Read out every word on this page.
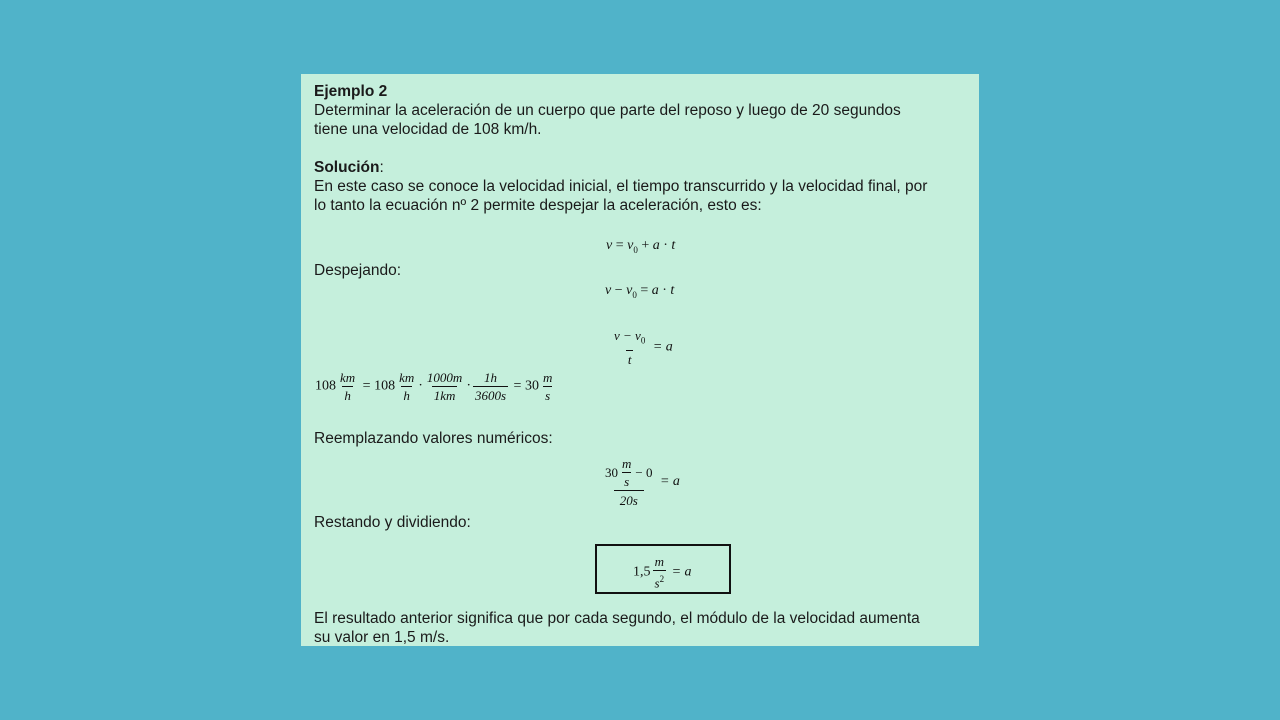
Ejemplo 2
Determinar la aceleración de un cuerpo que parte del reposo y luego de 20 segundos
tiene una velocidad de 108 km/h.
Solución:
En este caso se conoce la velocidad inicial, el tiempo transcurrido y la velocidad final, por
lo tanto la ecuación nº 2 permite despejar la aceleración, esto es:
$v = v_0 + a \cdot t$
Despejando:
$v - v_0 = a \cdot t$
$\frac{v - v_0}{t} = a$
$108 \frac{km}{h} = 108 \frac{km}{h} \cdot \frac{1000m}{1km} \cdot \frac{1h}{3600s} = 30 \frac{m}{s}$
Reemplazando valores numéricos:
$\frac{30 \frac{m}{s} - 0}{20s} = a$
Restando y dividiendo:
$1,5 \frac{m}{s^2} = a$
El resultado anterior significa que por cada segundo, el módulo de la velocidad aumenta
su valor en 1,5 m/s.
